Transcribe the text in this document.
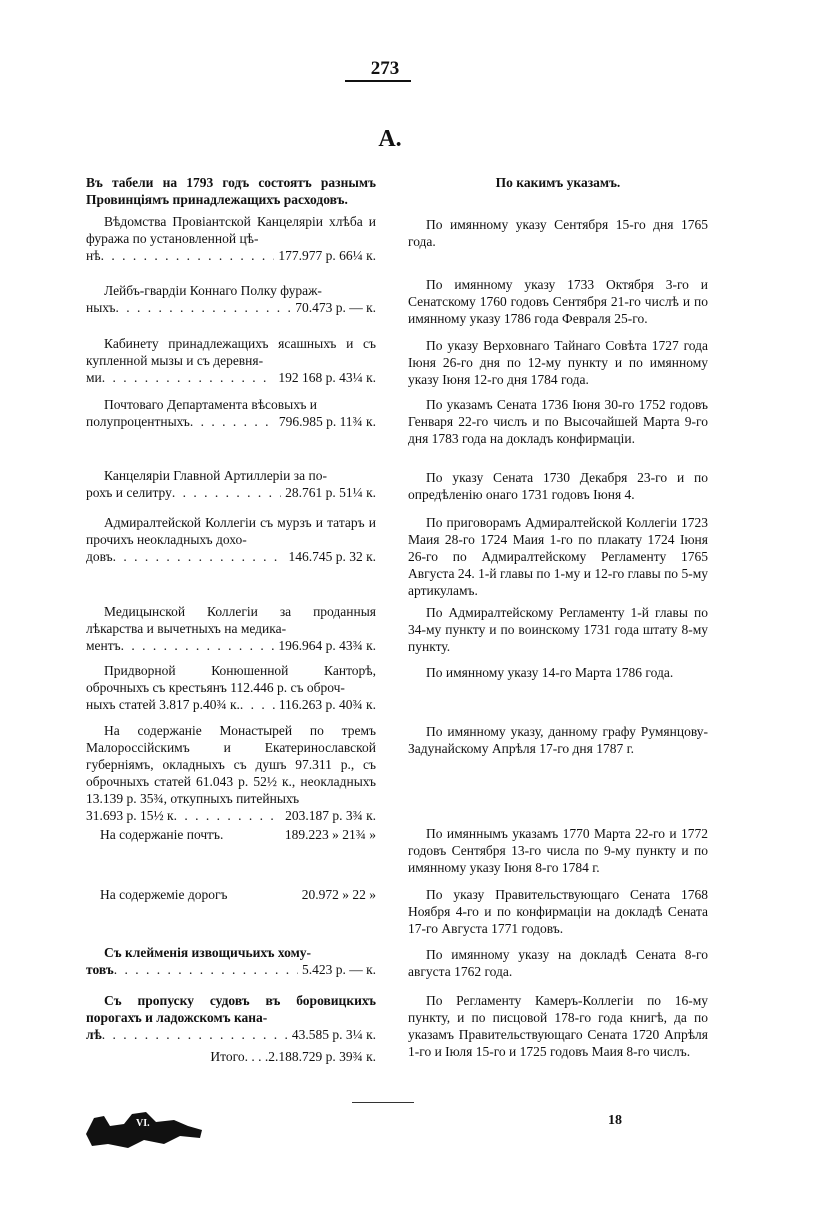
273
A.
Въ табели на 1793 годъ состоятъ разнымъ Провинціямъ принадлежащихъ расходовъ.
По какимъ указамъ.
Вѣдомства Провіантской Канцеляріи хлѣба и фуража по установленной цѣ-
нѣ . . .	177.977 р. 66¼ к.
По имянному указу Сентября 15-го дня 1765 года.
Лейбъ-гвардіи Коннаго Полку фураж-
ныхъ . . .	70.473 р. — к.
По имянному указу 1733 Октября 3-го и Сенатскому 1760 годовъ Сентября 21-го числѣ и по имянному указу 1786 года Февраля 25-го.
Кабинету принадлежащихъ ясашныхъ и съ купленной мызы и съ деревня-
ми . . .	192 168 р. 43¼ к.
По указу Верховнаго Тайнаго Совѣта 1727 года Іюня 26-го дня по 12-му пункту и по имянному указу Іюня 12-го дня 1784 года.
Почтоваго Департамента вѣсовыхъ и
полупроцентныхъ . . .	796.985 р. 11¾ к.
По указамъ Сената 1736 Іюня 30-го 1752 годовъ Генваря 22-го числъ и по Высочайшей Марта 9-го дня 1783 года на докладъ конфирмаціи.
Канцеляріи Главной Артиллеріи за по-
рохъ и селитру . . .	28.761 р. 51¼ к.
По указу Сената 1730 Декабря 23-го и по опредѣленію онаго 1731 годовъ Іюня 4.
Адмиралтейской Коллегіи съ мурзъ и татаръ и прочихъ неокладныхъ дохо-
довъ . . .	146.745 р. 32 к.
По приговорамъ Адмиралтейской Коллегіи 1723 Маия 28-го 1724 Маия 1-го по плакату 1724 Іюня 26-го по Адмиралтейскому Регламенту 1765 Августа 24. 1-й главы по 1-му и 12-го главы по 5-му артикуламъ.
Медицынской Коллегіи за проданныя лѣкарства и вычетныхъ на медика-
ментъ . . .	196.964 р. 43¾ к.
По Адмиралтейскому Регламенту 1-й главы по 34-му пункту и по воинскому 1731 года штату 8-му пункту.
Придворной Конюшенной Канторѣ, оброчныхъ съ крестьянъ 112.446 р. съ оброч-
ныхъ статей 3.817 р.40¾ к. . . .	116.263 р. 40¾ к.
По имянному указу 14-го Марта 1786 года.
На содержаніе Монастырей по тремъ Малороссійскимъ и Екатеринославской губерніямъ, окладныхъ съ душъ 97.311 р., съ оброчныхъ статей 61.043 р. 52½ к., неокладныхъ 13.139 р. 35¾, откупныхъ питейныхъ
31.693 р. 15½ к . . .	203.187 р. 3¾ к.
По имянному указу, данному графу Румянцову-Задунайскому Апрѣля 17-го дня 1787 г.
На содержаніе почтъ.	189.223 » 21¾ »	По имяннымъ указамъ 1770 Марта 22-го и 1772 годовъ Сентября 13-го числа по 9-му пункту и по имянному указу Іюня 8-го 1784 г.
На содержеміе дорогъ	20.972 » 22 »	По указу Правительствующаго Сената 1768 Ноября 4-го и по конфирмаціи на докладѣ Сената 17-го Августа 1771 годовъ.
Съ клейменія извощичьихъ хому-
товъ . . .	5.423 р. — к.
По имянному указу на докладѣ Сената 8-го августа 1762 года.
Съ пропуску судовъ въ боровицкихъ порогахъ и ладожскомъ кана-
лѣ . . .	43.585 р. 3¼ к.
По Регламенту Камеръ-Коллегіи по 16-му пункту, и по писцовой 178-го года книгѣ, да по указамъ Правительствующаго Сената 1720 Апрѣля 1-го и Іюля 15-го и 1725 годовъ Маия 8-го числъ.
Итого. . . .2.188.729 р. 39¾ к.
VI.	18
